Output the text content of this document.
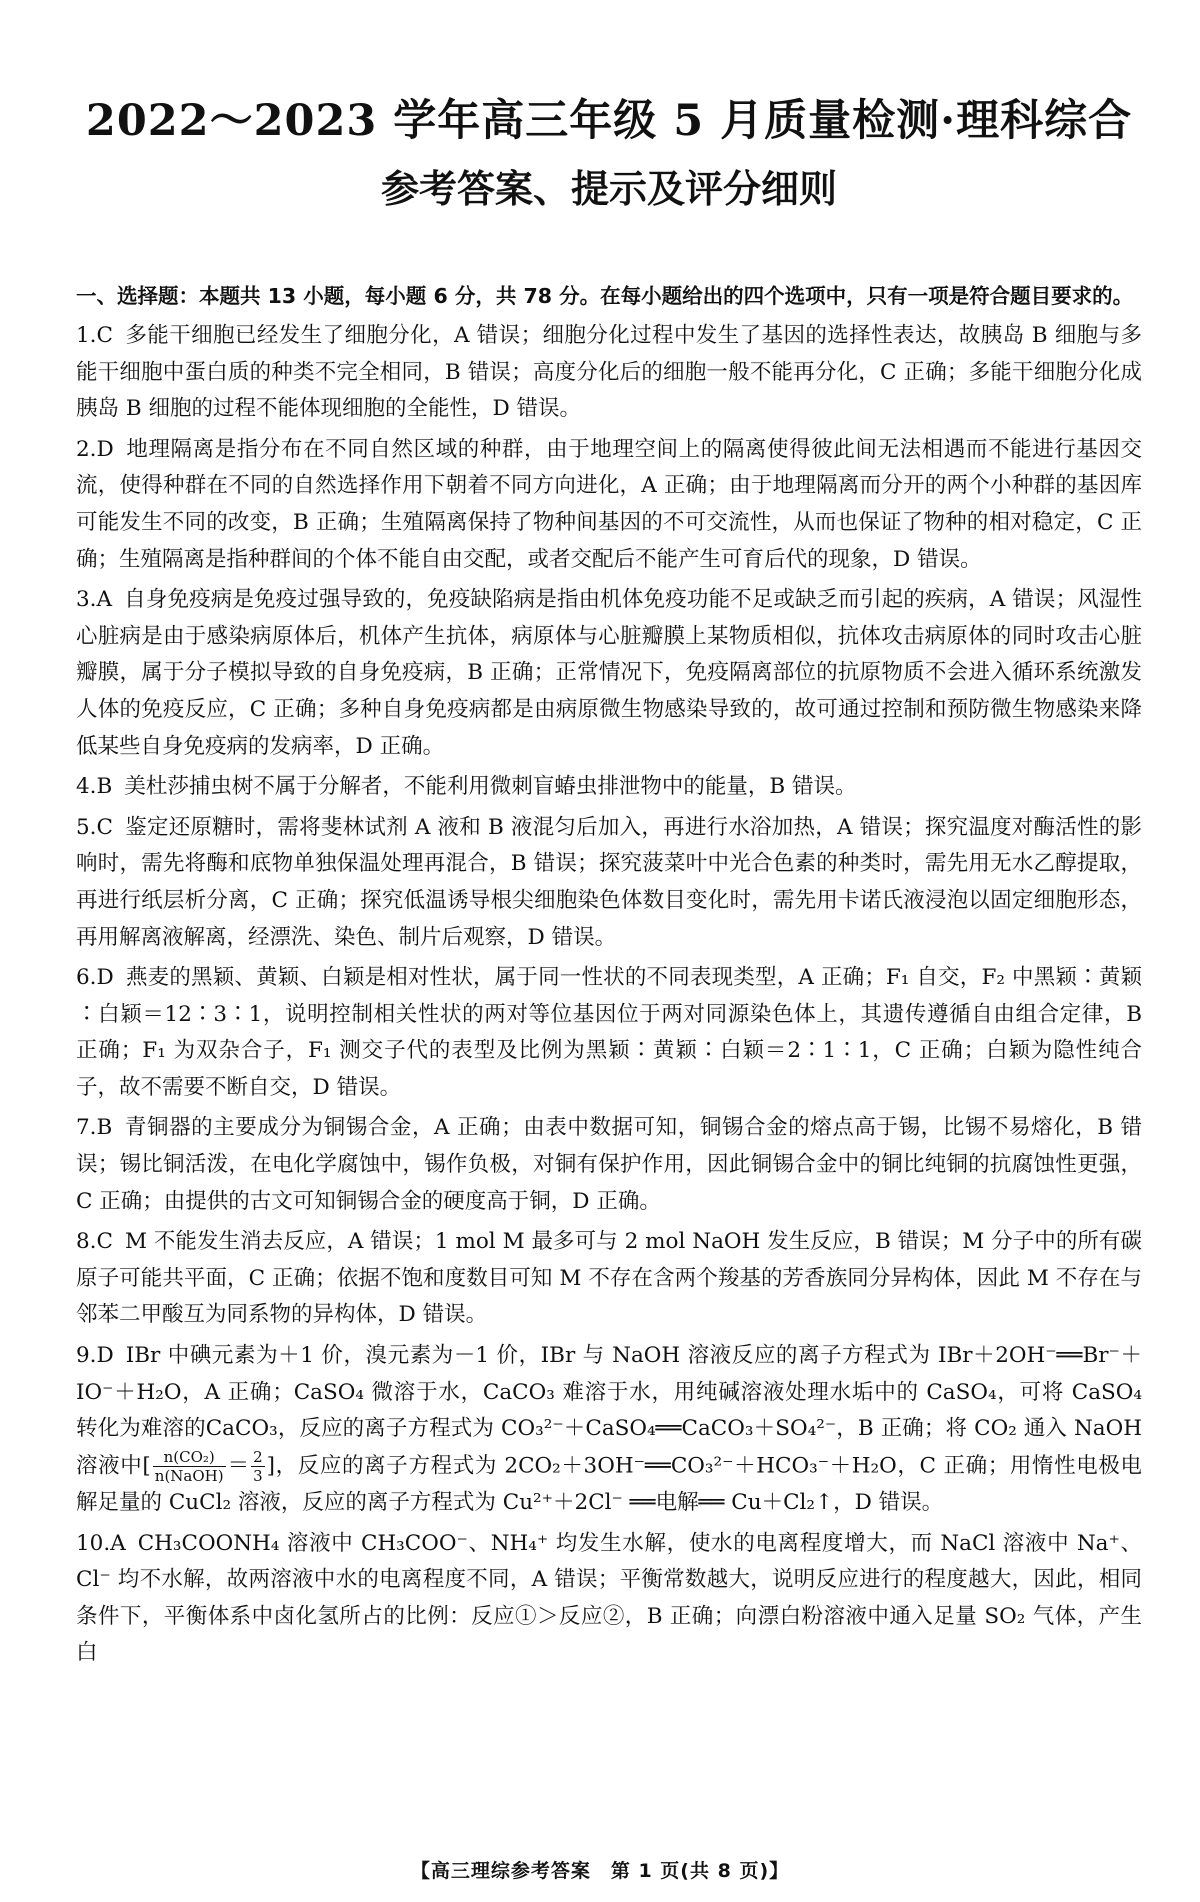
2022～2023 学年高三年级 5 月质量检测·理科综合
参考答案、提示及评分细则
一、选择题：本题共 13 小题，每小题 6 分，共 78 分。在每小题给出的四个选项中，只有一项是符合题目要求的。
1.C 多能干细胞已经发生了细胞分化，A 错误；细胞分化过程中发生了基因的选择性表达，故胰岛 B 细胞与多能干细胞中蛋白质的种类不完全相同，B 错误；高度分化后的细胞一般不能再分化，C 正确；多能干细胞分化成胰岛 B 细胞的过程不能体现细胞的全能性，D 错误。
2.D 地理隔离是指分布在不同自然区域的种群，由于地理空间上的隔离使得彼此间无法相遇而不能进行基因交流，使得种群在不同的自然选择作用下朝着不同方向进化，A 正确；由于地理隔离而分开的两个小种群的基因库可能发生不同的改变，B 正确；生殖隔离保持了物种间基因的不可交流性，从而也保证了物种的相对稳定，C 正确；生殖隔离是指种群间的个体不能自由交配，或者交配后不能产生可育后代的现象，D 错误。
3.A 自身免疫病是免疫过强导致的，免疫缺陷病是指由机体免疫功能不足或缺乏而引起的疾病，A 错误；风湿性心脏病是由于感染病原体后，机体产生抗体，病原体与心脏瓣膜上某物质相似，抗体攻击病原体的同时攻击心脏瓣膜，属于分子模拟导致的自身免疫病，B 正确；正常情况下，免疫隔离部位的抗原物质不会进入循环系统激发人体的免疫反应，C 正确；多种自身免疫病都是由病原微生物感染导致的，故可通过控制和预防微生物感染来降低某些自身免疫病的发病率，D 正确。
4.B 美杜莎捕虫树不属于分解者，不能利用微刺盲蝽虫排泄物中的能量，B 错误。
5.C 鉴定还原糖时，需将斐林试剂 A 液和 B 液混匀后加入，再进行水浴加热，A 错误；探究温度对酶活性的影响时，需先将酶和底物单独保温处理再混合，B 错误；探究菠菜叶中光合色素的种类时，需先用无水乙醇提取，再进行纸层析分离，C 正确；探究低温诱导根尖细胞染色体数目变化时，需先用卡诺氏液浸泡以固定细胞形态，再用解离液解离，经漂洗、染色、制片后观察，D 错误。
6.D 燕麦的黑颖、黄颖、白颖是相对性状，属于同一性状的不同表现类型，A 正确；F₁ 自交，F₂ 中黑颖∶黄颖∶白颖＝12∶3∶1，说明控制相关性状的两对等位基因位于两对同源染色体上，其遗传遵循自由组合定律，B 正确；F₁ 为双杂合子，F₁ 测交子代的表型及比例为黑颖∶黄颖∶白颖＝2∶1∶1，C 正确；白颖为隐性纯合子，故不需要不断自交，D 错误。
7.B 青铜器的主要成分为铜锡合金，A 正确；由表中数据可知，铜锡合金的熔点高于锡，比锡不易熔化，B 错误；锡比铜活泼，在电化学腐蚀中，锡作负极，对铜有保护作用，因此铜锡合金中的铜比纯铜的抗腐蚀性更强，C 正确；由提供的古文可知铜锡合金的硬度高于铜，D 正确。
8.C M 不能发生消去反应，A 错误；1 mol M 最多可与 2 mol NaOH 发生反应，B 错误；M 分子中的所有碳原子可能共平面，C 正确；依据不饱和度数目可知 M 不存在含两个羧基的芳香族同分异构体，因此 M 不存在与邻苯二甲酸互为同系物的异构体，D 错误。
9.D IBr 中碘元素为＋1 价，溴元素为－1 价，IBr 与 NaOH 溶液反应的离子方程式为 IBr＋2OH⁻══Br⁻＋IO⁻＋H₂O，A 正确；CaSO₄ 微溶于水，CaCO₃ 难溶于水，用纯碱溶液处理水垢中的 CaSO₄，可将 CaSO₄ 转化为难溶的CaCO₃，反应的离子方程式为 CO₃²⁻＋CaSO₄══CaCO₃＋SO₄²⁻，B 正确；将 CO₂ 通入 NaOH 溶液中[ $\frac{\text{n(CO₂)}}{\text{n(NaOH)}} = \frac{2}{3}$ ]，反应的离子方程式为 2CO₂＋3OH⁻══CO₃²⁻＋HCO₃⁻＋H₂O，C 正确；用惰性电极电解足量的 CuCl₂ 溶液，反应的离子方程式为 Cu²⁺＋2Cl⁻ ══电解══ Cu＋Cl₂↑，D 错误。
10.A CH₃COONH₄ 溶液中 CH₃COO⁻、NH₄⁺ 均发生水解，使水的电离程度增大，而 NaCl 溶液中 Na⁺、Cl⁻ 均不水解，故两溶液中水的电离程度不同，A 错误；平衡常数越大，说明反应进行的程度越大，因此，相同条件下，平衡体系中卤化氢所占的比例：反应①＞反应②，B 正确；向漂白粉溶液中通入足量 SO₂ 气体，产生白
【高三理综参考答案　第 1 页(共 8 页)】
